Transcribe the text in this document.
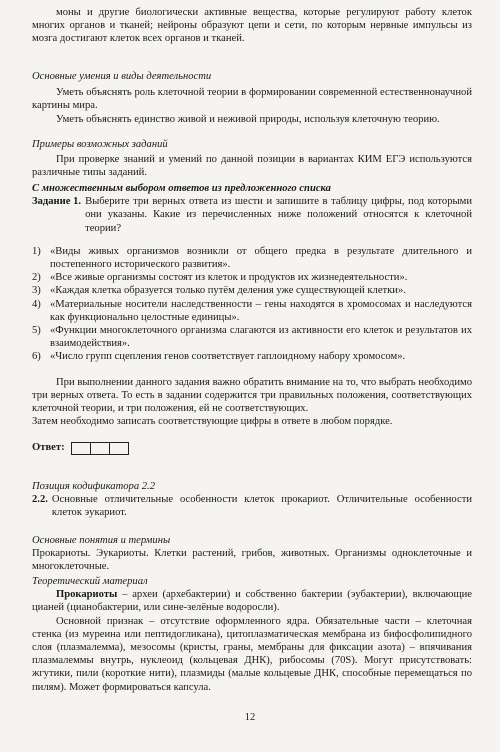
моны и другие биологически активные вещества, которые регулируют работу клеток многих органов и тканей; нейроны образуют цепи и сети, по которым нервные импульсы из мозга достигают клеток всех органов и тканей.
Основные умения и виды деятельности
Уметь объяснять роль клеточной теории в формировании современной естественнонаучной картины мира.
Уметь объяснять единство живой и неживой природы, используя клеточную теорию.
Примеры возможных заданий
При проверке знаний и умений по данной позиции в вариантах КИМ ЕГЭ используются различные типы заданий.
С множественным выбором ответов из предложенного списка
Задание 1. Выберите три верных ответа из шести и запишите в таблицу цифры, под которыми они указаны. Какие из перечисленных ниже положений относятся к клеточной теории?
1) «Виды живых организмов возникли от общего предка в результате длительного и постепенного исторического развития».
2) «Все живые организмы состоят из клеток и продуктов их жизнедеятельности».
3) «Каждая клетка образуется только путём деления уже существующей клетки».
4) «Материальные носители наследственности – гены находятся в хромосомах и наследуются как функционально целостные единицы».
5) «Функции многоклеточного организма слагаются из активности его клеток и результатов их взаимодействия».
6) «Число групп сцепления генов соответствует гаплоидному набору хромосом».
При выполнении данного задания важно обратить внимание на то, что выбрать необходимо три верных ответа. То есть в задании содержится три правильных положения, соответствующих клеточной теории, и три положения, ей не соответствующих.
Затем необходимо записать соответствующие цифры в ответе в любом порядке.
Ответ:
Позиция кодификатора 2.2
2.2. Основные отличительные особенности клеток прокариот. Отличительные особенности клеток эукариот.
Основные понятия и термины
Прокариоты. Эукариоты. Клетки растений, грибов, животных. Организмы одноклеточные и многоклеточные.
Теоретический материал
Прокариоты – археи (архебактерии) и собственно бактерии (эубактерии), включающие цианей (цианобактерии, или сине-зелёные водоросли).
Основной признак – отсутствие оформленного ядра. Обязательные части – клеточная стенка (из муреина или пептидогликана), цитоплазматическая мембрана из бифосфолипидного слоя (плазмалемма), мезосомы (кристы, граны, мембраны для фиксации азота) – впячивания плазмалеммы внутрь, нуклеоид (кольцевая ДНК), рибосомы (70S). Могут присутствовать: жгутики, пили (короткие нити), плазмиды (малые кольцевые ДНК, способные перемещаться по пилям). Может формироваться капсула.
12
